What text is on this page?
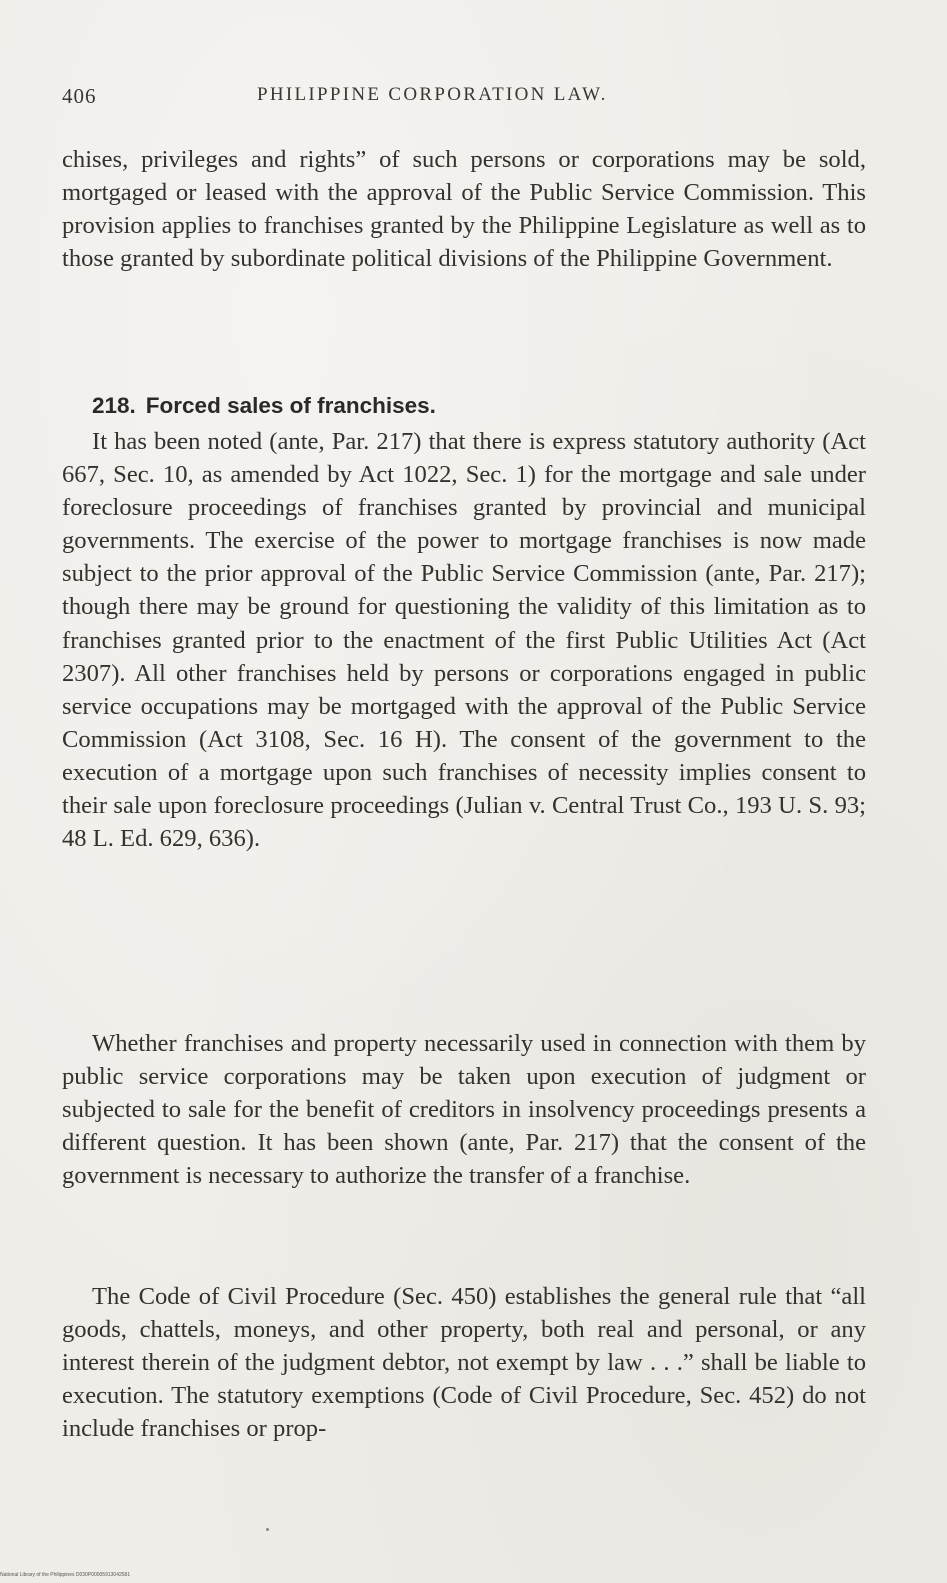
406	PHILIPPINE CORPORATION LAW.

chises, privileges and rights” of such persons or corporations may be sold, mortgaged or leased with the approval of the Public Service Commission. This provision applies to franchises granted by the Philippine Legislature as well as to those granted by subordinate political divisions of the Philippine Government.

218. Forced sales of franchises.

It has been noted (ante, Par. 217) that there is express statutory authority (Act 667, Sec. 10, as amended by Act 1022, Sec. 1) for the mortgage and sale under foreclosure proceedings of franchises granted by provincial and municipal governments. The exercise of the power to mortgage franchises is now made subject to the prior approval of the Public Service Commission (ante, Par. 217); though there may be ground for questioning the validity of this limitation as to franchises granted prior to the enactment of the first Public Utilities Act (Act 2307). All other franchises held by persons or corporations engaged in public service occupations may be mortgaged with the approval of the Public Service Commission (Act 3108, Sec. 16 H). The consent of the government to the execution of a mortgage upon such franchises of necessity implies consent to their sale upon foreclosure proceedings (Julian v. Central Trust Co., 193 U. S. 93; 48 L. Ed. 629, 636).

Whether franchises and property necessarily used in connection with them by public service corporations may be taken upon execution of judgment or subjected to sale for the benefit of creditors in insolvency proceedings presents a different question. It has been shown (ante, Par. 217) that the consent of the government is necessary to authorize the transfer of a franchise.

The Code of Civil Procedure (Sec. 450) establishes the general rule that “all goods, chattels, moneys, and other property, both real and personal, or any interest therein of the judgment debtor, not exempt by law . . .” shall be liable to execution. The statutory exemptions (Code of Civil Procedure, Sec. 452) do not include franchises or prop-

National Library of the Philippines D030P00005913042581
